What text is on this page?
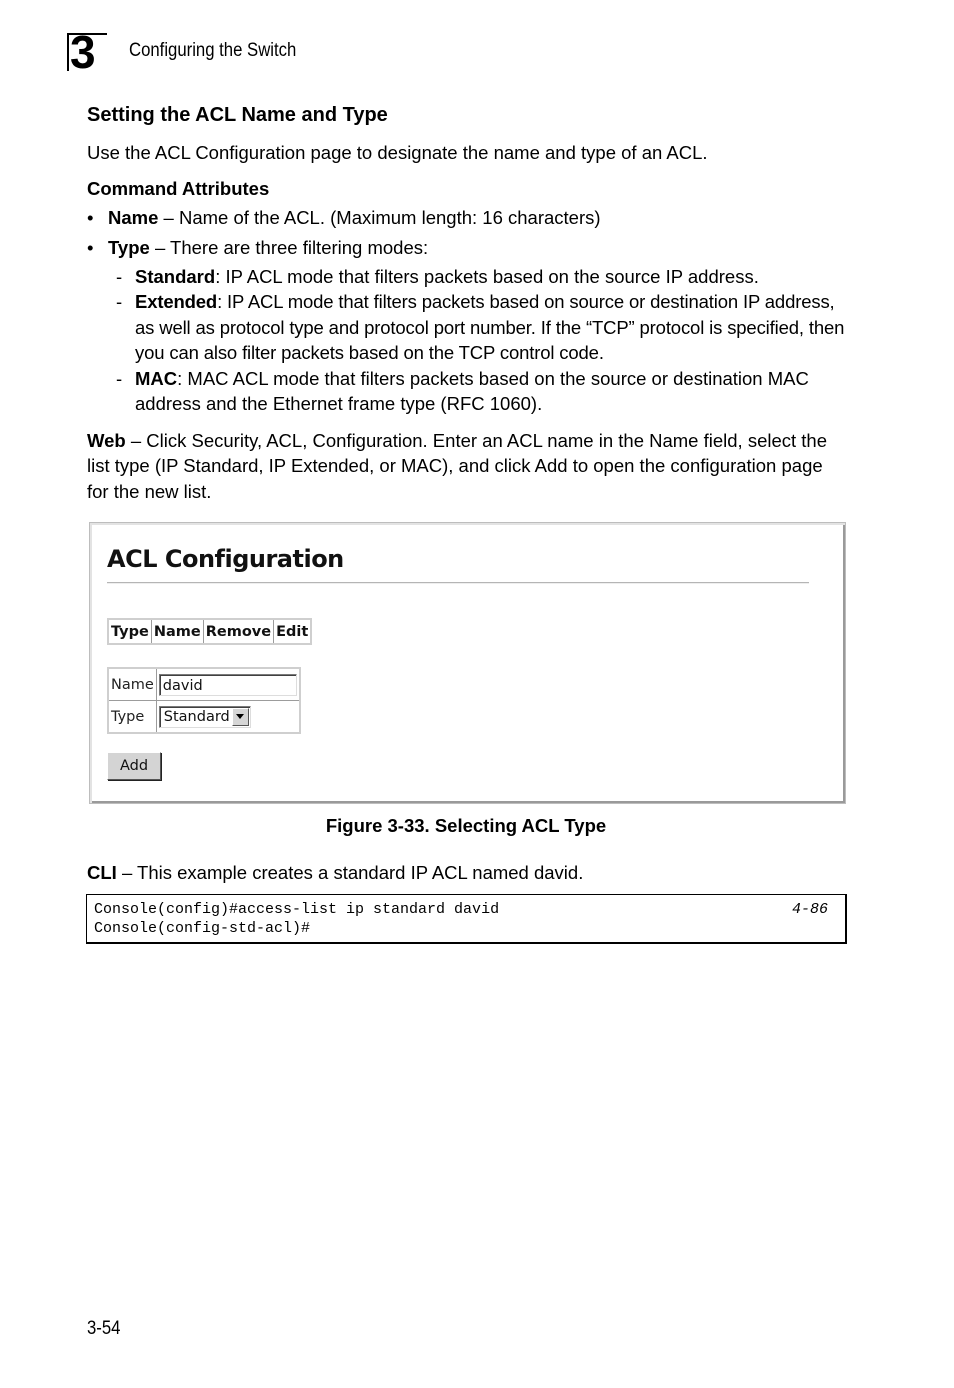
3 Configuring the Switch
Setting the ACL Name and Type

Use the ACL Configuration page to designate the name and type of an ACL.

Command Attributes
• Name – Name of the ACL. (Maximum length: 16 characters)
• Type – There are three filtering modes:
- Standard: IP ACL mode that filters packets based on the source IP address.
- Extended: IP ACL mode that filters packets based on source or destination IP address, as well as protocol type and protocol port number. If the “TCP” protocol is specified, then you can also filter packets based on the TCP control code.
- MAC: MAC ACL mode that filters packets based on the source or destination MAC address and the Ethernet frame type (RFC 1060).

Web – Click Security, ACL, Configuration. Enter an ACL name in the Name field, select the list type (IP Standard, IP Extended, or MAC), and click Add to open the configuration page for the new list.

ACL Configuration
Type	Name	Remove	Edit
Name	david

Type	Standard
Add
Figure 3-33. Selecting ACL Type
CLI – This example creates a standard IP ACL named david.
Console(config)#access-list ip standard david	4-86
Console(config-std-acl)#
3-54
